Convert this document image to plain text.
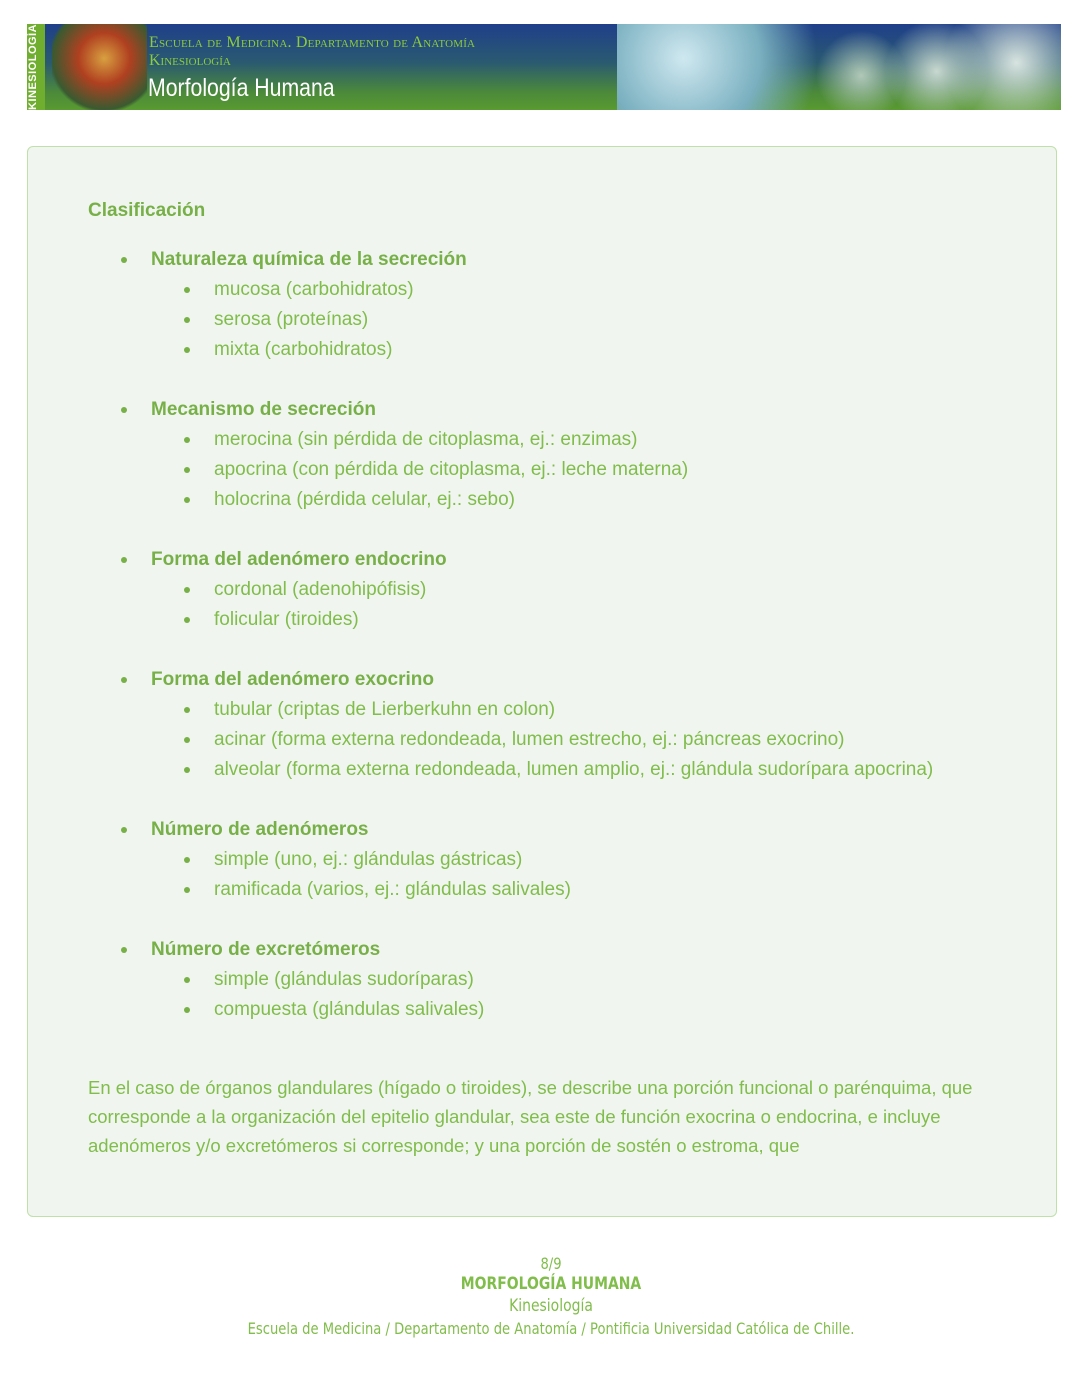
KINESIOLOGÍA	Escuela de Medicina. Departamento de Anatomía
Kinesiología
Morfología Humana
Clasificación
Naturaleza química de la secreción
mucosa (carbohidratos)
serosa (proteínas)
mixta (carbohidratos)
Mecanismo de secreción
merocina (sin pérdida de citoplasma, ej.: enzimas)
apocrina (con pérdida de citoplasma, ej.: leche materna)
holocrina (pérdida celular, ej.: sebo)
Forma del adenómero endocrino
cordonal (adenohipófisis)
folicular (tiroides)
Forma del adenómero exocrino
tubular (criptas de Lierberkuhn en colon)
acinar (forma externa redondeada, lumen estrecho, ej.: páncreas exocrino)
alveolar (forma externa redondeada, lumen amplio, ej.: glándula sudorípara apocrina)
Número de adenómeros
simple (uno, ej.: glándulas gástricas)
ramificada (varios, ej.: glándulas salivales)
Número de excretómeros
simple (glándulas sudoríparas)
compuesta (glándulas salivales)
En el caso de órganos glandulares (hígado o tiroides), se describe una porción funcional o parénquima, que corresponde a la organización del epitelio glandular, sea este de función exocrina o endocrina, e incluye adenómeros y/o excretómeros si corresponde; y una porción de sostén o estroma, que
8/9
MORFOLOGÍA HUMANA
Kinesiología
Escuela de Medicina / Departamento de Anatomía / Pontificia Universidad Católica de Chille.
